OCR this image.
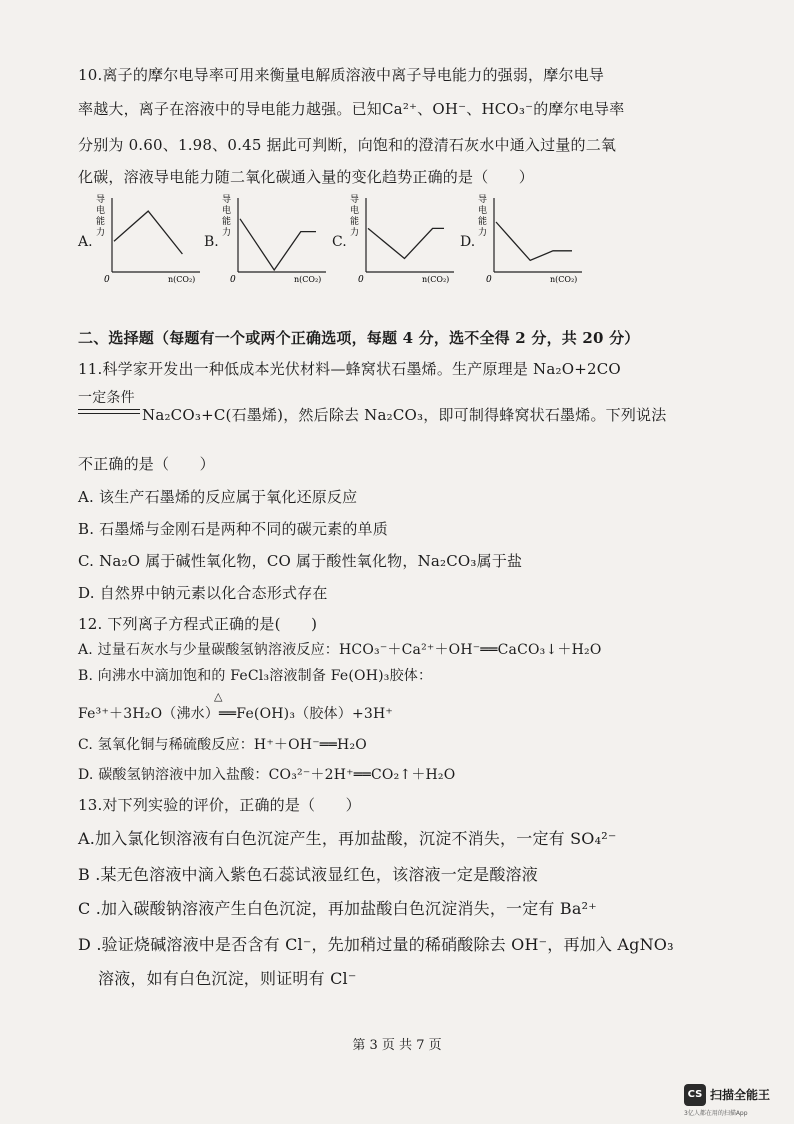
10.离子的摩尔电导率可用来衡量电解质溶液中离子导电能力的强弱，摩尔电导
率越大，离子在溶液中的导电能力越强。已知Ca²⁺、OH⁻、HCO₃⁻的摩尔电导率
分别为 0.60、1.98、0.45 据此可判断，向饱和的澄清石灰水中通入过量的二氧
化碳，溶液导电能力随二氧化碳通入量的变化趋势正确的是（　　）
A.
导
电
能
力
0	n(CO₂)
B.
导
电
能
力
0	n(CO₂)
C.
导
电
能
力
0	n(CO₂)
D.
导
电
能
力
0	n(CO₂)
二、选择题（每题有一个或两个正确选项，每题 4 分，选不全得 2 分，共 20 分）
11.科学家开发出一种低成本光伏材料—蜂窝状石墨烯。生产原理是 Na₂O+2CO
一定条件
Na₂CO₃+C(石墨烯)，然后除去 Na₂CO₃，即可制得蜂窝状石墨烯。下列说法
不正确的是（　　）
A. 该生产石墨烯的反应属于氧化还原反应
B. 石墨烯与金刚石是两种不同的碳元素的单质
C. Na₂O 属于碱性氧化物，CO 属于酸性氧化物，Na₂CO₃属于盐
D. 自然界中钠元素以化合态形式存在
12. 下列离子方程式正确的是(　　)
A. 过量石灰水与少量碳酸氢钠溶液反应：HCO₃⁻＋Ca²⁺＋OH⁻══CaCO₃↓＋H₂O
B. 向沸水中滴加饱和的 FeCl₃溶液制备 Fe(OH)₃胶体：
△
Fe³⁺＋3H₂O（沸水）══Fe(OH)₃（胶体）+3H⁺
C. 氢氧化铜与稀硫酸反应：H⁺＋OH⁻══H₂O
D. 碳酸氢钠溶液中加入盐酸：CO₃²⁻＋2H⁺══CO₂↑＋H₂O
13.对下列实验的评价，正确的是（　　）
A.加入氯化钡溶液有白色沉淀产生，再加盐酸，沉淀不消失，一定有 SO₄²⁻
B .某无色溶液中滴入紫色石蕊试液显红色，该溶液一定是酸溶液
C .加入碳酸钠溶液产生白色沉淀，再加盐酸白色沉淀消失，一定有 Ba²⁺
D .验证烧碱溶液中是否含有 Cl⁻，先加稍过量的稀硝酸除去 OH⁻，再加入 AgNO₃
溶液，如有白色沉淀，则证明有 Cl⁻
第 3 页 共 7 页
CS 扫描全能王
3亿人都在用的扫描App
